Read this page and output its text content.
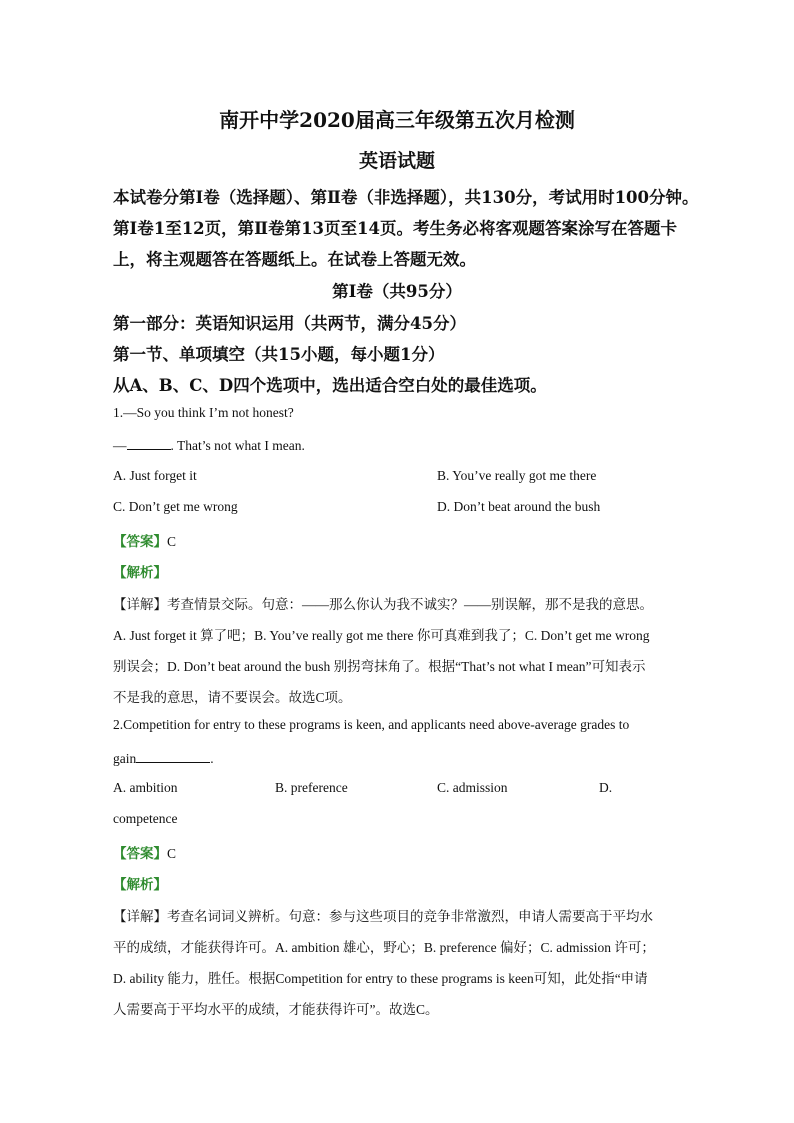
南开中学2020届高三年级第五次月检测
英语试题
本试卷分第Ⅰ卷（选择题）、第Ⅱ卷（非选择题），共130分，考试用时100分钟。
第Ⅰ卷1至12页，第Ⅱ卷第13页至14页。考生务必将客观题答案涂写在答题卡
上，将主观题答在答题纸上。在试卷上答题无效。
第Ⅰ卷（共95分）
第一部分：英语知识运用（共两节，满分45分）
第一节、单项填空（共15小题，每小题1分）
从A、B、C、D四个选项中，选出适合空白处的最佳选项。
1.—So you think I’m not honest?
—	. That’s not what I mean.
A. Just forget it	B. You’ve really got me there
C. Don’t get me wrong	D. Don’t beat around the bush
【答案】C
【解析】
【详解】考查情景交际。句意：——那么你认为我不诚实？——别误解，那不是我的意思。
A. Just forget it 算了吧；B. You’ve really got me there 你可真难到我了；C. Don’t get me wrong
别误会；D. Don’t beat around the bush 别拐弯抹角了。根据“That’s not what I mean”可知表示
不是我的意思，请不要误会。故选C项。
2.Competition for entry to these programs is keen, and applicants need above-average grades to
gain	.
A. ambition	B. preference	C. admission	D.
competence
【答案】C
【解析】
【详解】考查名词词义辨析。句意：参与这些项目的竞争非常激烈，申请人需要高于平均水
平的成绩，才能获得许可。A. ambition 雄心，野心；B. preference 偏好；C. admission 许可；
D. ability 能力，胜任。根据Competition for entry to these programs is keen可知，此处指“申请
人需要高于平均水平的成绩，才能获得许可”。故选C。
